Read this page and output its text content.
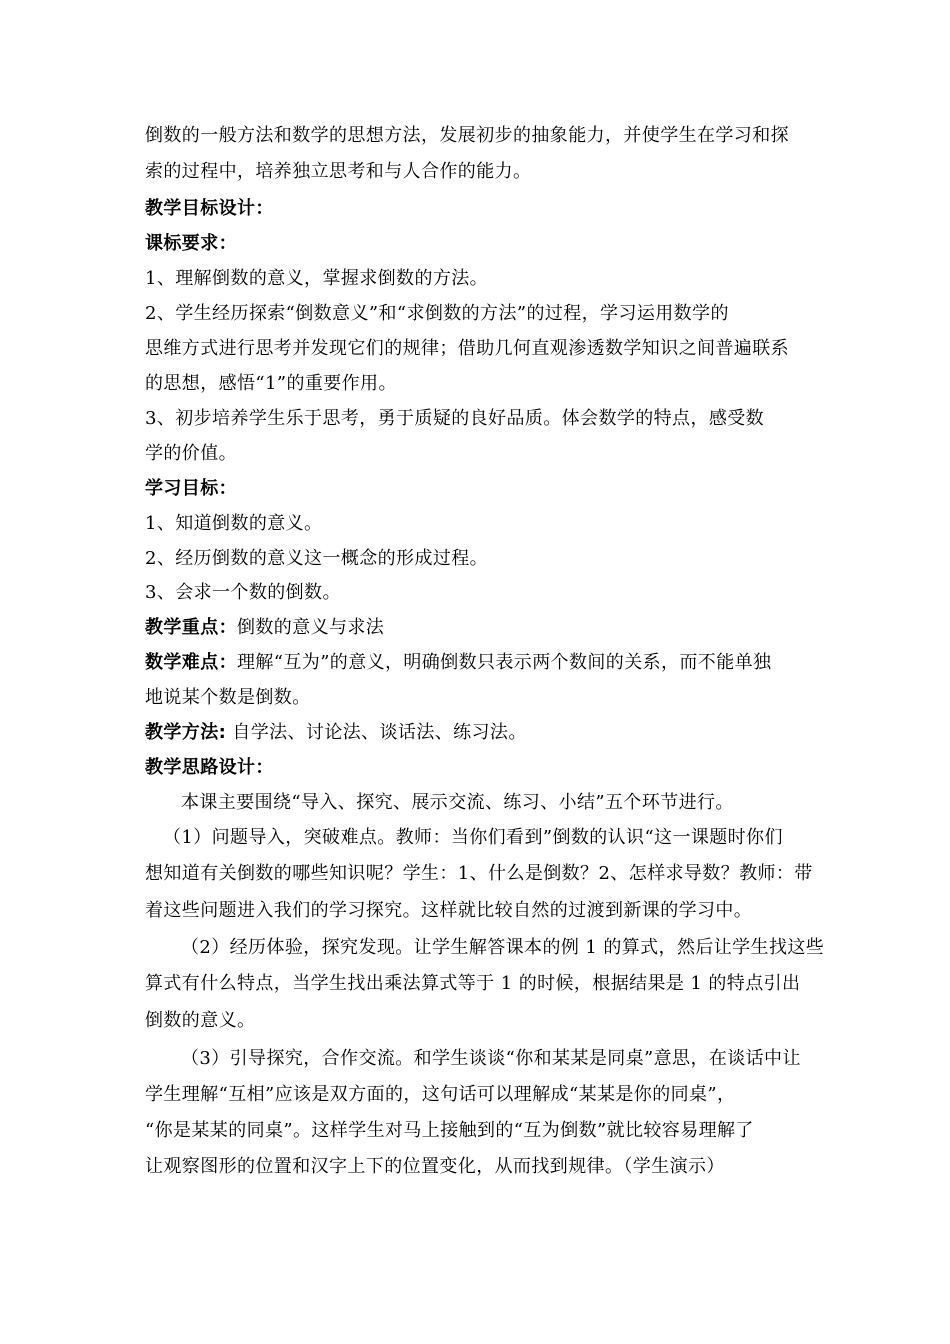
倒数的一般方法和数学的思想方法，发展初步的抽象能力，并使学生在学习和探
索的过程中，培养独立思考和与人合作的能力。
教学目标设计：
课标要求：
1、理解倒数的意义，掌握求倒数的方法。
2、学生经历探索“倒数意义”和“求倒数的方法”的过程，学习运用数学的
思维方式进行思考并发现它们的规律；借助几何直观渗透数学知识之间普遍联系
的思想，感悟“1”的重要作用。
3、初步培养学生乐于思考，勇于质疑的良好品质。体会数学的特点，感受数
学的价值。
学习目标：
1、知道倒数的意义。
2、经历倒数的意义这一概念的形成过程。
3、会求一个数的倒数。
教学重点：倒数的意义与求法
数学难点：理解“互为”的意义，明确倒数只表示两个数间的关系，而不能单独
地说某个数是倒数。
教学方法: 自学法、讨论法、谈话法、练习法。
教学思路设计：
本课主要围绕“导入、探究、展示交流、练习、小结”五个环节进行。
（1）问题导入，突破难点。教师：当你们看到”倒数的认识“这一课题时你们
想知道有关倒数的哪些知识呢？学生：1、什么是倒数？2、怎样求导数？教师：带
着这些问题进入我们的学习探究。这样就比较自然的过渡到新课的学习中。
（2）经历体验，探究发现。让学生解答课本的例 1 的算式，然后让学生找这些
算式有什么特点，当学生找出乘法算式等于 1 的时候，根据结果是 1 的特点引出
倒数的意义。
（3）引导探究，合作交流。和学生谈谈“你和某某是同桌”意思，在谈话中让
学生理解“互相”应该是双方面的，这句话可以理解成“某某是你的同桌”，
“你是某某的同桌”。这样学生对马上接触到的“互为倒数”就比较容易理解了
让观察图形的位置和汉字上下的位置变化，从而找到规律。（学生演示）
